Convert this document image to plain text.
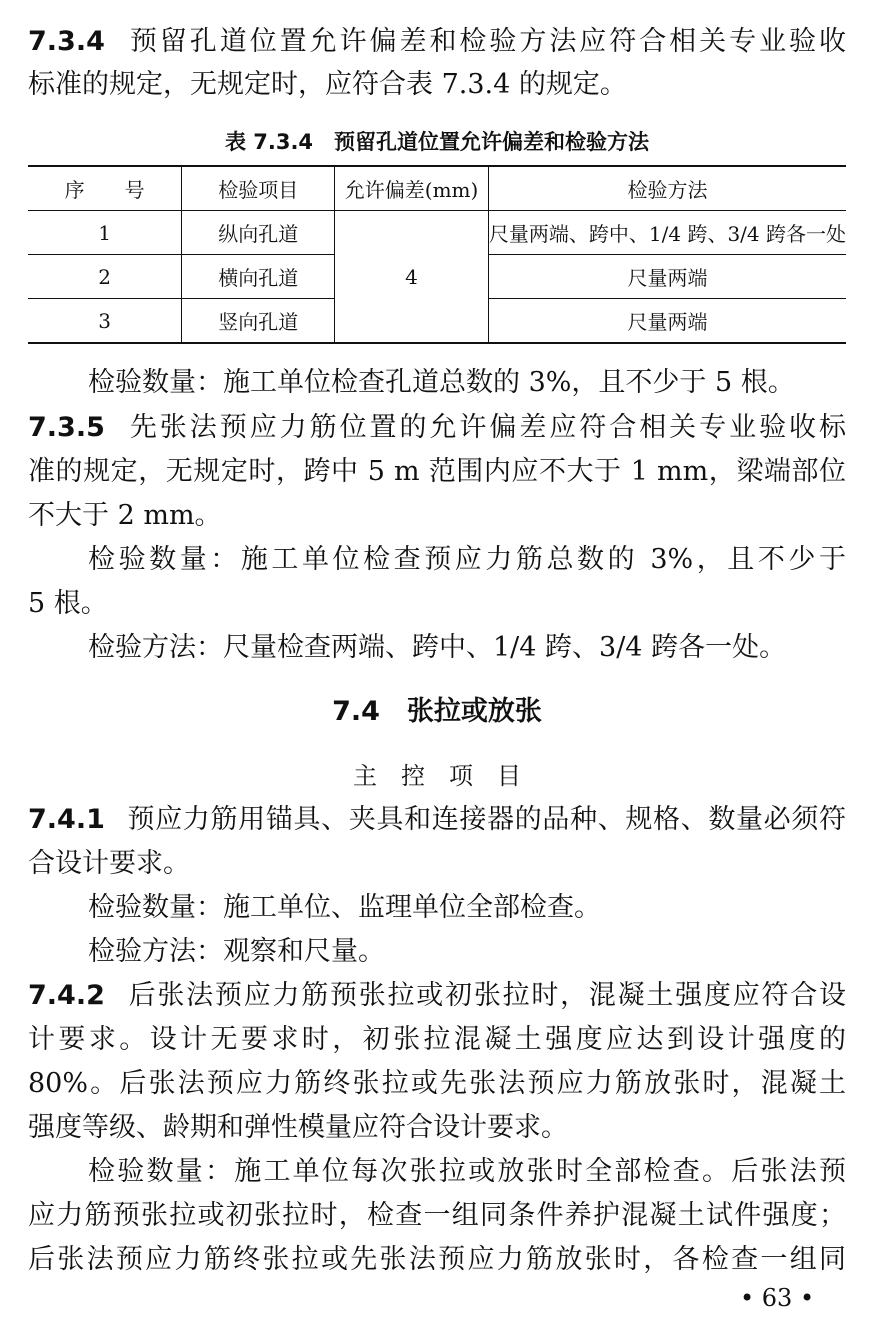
7.3.4 预留孔道位置允许偏差和检验方法应符合相关专业验收
标准的规定，无规定时，应符合表 7.3.4 的规定。
表 7.3.4　预留孔道位置允许偏差和检验方法
序　　号	检验项目	允许偏差(mm)	检验方法
1	纵向孔道	4	尺量两端、跨中、1/4 跨、3/4 跨各一处
2	横向孔道		尺量两端
3	竖向孔道		尺量两端
检验数量：施工单位检查孔道总数的 3%，且不少于 5 根。
7.3.5 先张法预应力筋位置的允许偏差应符合相关专业验收标
准的规定，无规定时，跨中 5 m 范围内应不大于 1 mm，梁端部位
不大于 2 mm。
检验数量：施工单位检查预应力筋总数的 3%，且不少于
5 根。
检验方法：尺量检查两端、跨中、1/4 跨、3/4 跨各一处。
7.4　张拉或放张
主　控　项　目
7.4.1 预应力筋用锚具、夹具和连接器的品种、规格、数量必须符
合设计要求。
检验数量：施工单位、监理单位全部检查。
检验方法：观察和尺量。
7.4.2 后张法预应力筋预张拉或初张拉时，混凝土强度应符合设
计要求。设计无要求时，初张拉混凝土强度应达到设计强度的
80%。后张法预应力筋终张拉或先张法预应力筋放张时，混凝土
强度等级、龄期和弹性模量应符合设计要求。
检验数量：施工单位每次张拉或放张时全部检查。后张法预
应力筋预张拉或初张拉时，检查一组同条件养护混凝土试件强度；
后张法预应力筋终张拉或先张法预应力筋放张时，各检查一组同
• 63 •
